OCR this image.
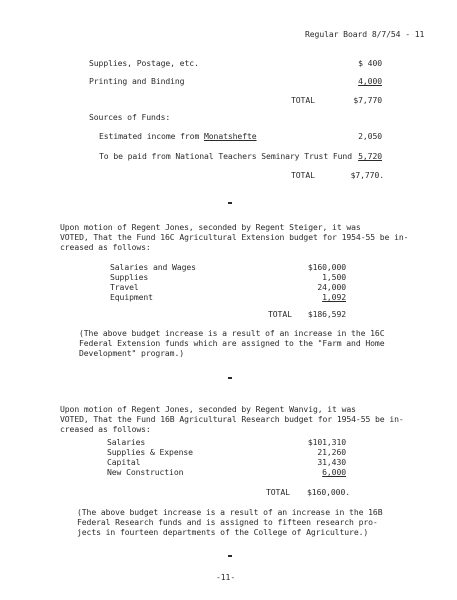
Regular Board 8/7/54 - 11
Supplies, Postage, etc.	$ 400
Printing and Binding	4,000
TOTAL	$7,770
Sources of Funds:
Estimated income from Monatshefte	2,050
To be paid from National Teachers Seminary Trust Fund 5,720
TOTAL	$7,770.
Upon motion of Regent Jones, seconded by Regent Steiger, it was
VOTED, That the Fund 16C Agricultural Extension budget for 1954-55 be in-
creased as follows:
Salaries and Wages	$160,000
Supplies	1,500
Travel	24,000
Equipment	1,092
TOTAL	$186,592
(The above budget increase is a result of an increase in the 16C
Federal Extension funds which are assigned to the "Farm and Home
Development" program.)
Upon motion of Regent Jones, seconded by Regent Wanvig, it was
VOTED, That the Fund 16B Agricultural Research budget for 1954-55 be in-
creased as follows:
Salaries	$101,310
Supplies & Expense	21,260
Capital	31,430
New Construction	6,000
TOTAL	$160,000.
(The above budget increase is a result of an increase in the 16B
Federal Research funds and is assigned to fifteen research pro-
jects in fourteen departments of the College of Agriculture.)
-11-
